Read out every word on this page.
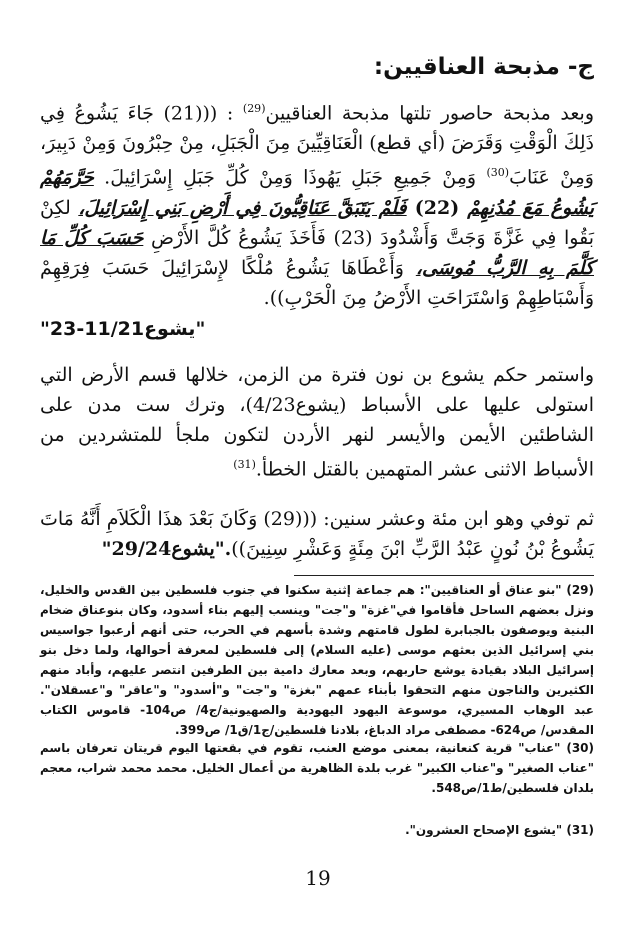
ج- مذبحة العناقيين:
وبعد مذبحة حاصور تلتها مذبحة العناقيين$^{(29)}$ : (((21) جَاءَ يَشُوعُ فِي ذَلِكَ الْوَقْتِ وَقَرَضَ (أي قطع) الْعَنَاقِيِّينَ مِنَ الْجَبَلِ، مِنْ حِبْرُونَ وَمِنْ دَبِيرَ، وَمِنْ عَنَابَ$^{(30)}$ وَمِنْ جَمِيعِ جَبَلِ يَهُوذَا وَمِنْ كُلِّ جَبَلِ إِسْرَائِيلَ. حَرَّمَهُمْ يَشُوعُ مَعَ مُدُنِهِمْ (22) فَلَمْ يَتَبَقَّ عَنَاقِيُّونَ فِي أَرْضِ بَنِي إِسْرَائِيلَ، لكِنْ بَقُوا فِي غَزَّةَ وَجَتَّ وَأَشْدُودَ (23) فَأَخَذَ يَشُوعُ كُلَّ الأَرْضِ حَسَبَ كُلِّ مَا كَلَّمَ بِهِ الرَّبُّ مُوسَى، وَأَعْطَاهَا يَشُوعُ مُلْكًا لإِسْرَائِيلَ حَسَبَ فِرَقِهِمْ وَأَسْبَاطِهِمْ وَاسْتَرَاحَتِ الأَرْضُ مِنَ الْحَرْبِ)).
"يشوع11/21-23"
واستمر حكم يشوع بن نون فترة من الزمن، خلالها قسم الأرض التي استولى عليها على الأسباط (يشوع4/23)، وترك ست مدن على الشاطئين الأيمن والأيسر لنهر الأردن لتكون ملجأ للمتشردين من الأسباط الاثنى عشر المتهمين بالقتل الخطأ.$^{(31)}$
ثم توفي وهو ابن مئة وعشر سنين: (((29) وَكَانَ بَعْدَ هذَا الْكَلاَمِ أَنَّهُ مَاتَ يَشُوعُ بْنُ نُونٍ عَبْدُ الرَّبِّ ابْنَ مِئَةٍ وَعَشْرِ سِنِينَ))."يشوع29/24"
(29) "بنو عناق أو العناقيين": هم جماعة إثنية سكنوا في جنوب فلسطين بين القدس والخليل، ونزل بعضهم الساحل فأقاموا في"غزة" و"جت" وينسب إليهم بناء أسدود، وكان بنوعناق ضخام البنية ويوصفون بالجبابرة لطول قامتهم وشدة بأسهم في الحرب، حتى أنهم أرعبوا جواسيس بني إسرائيل الذين بعثهم موسى (عليه السلام) إلى فلسطين لمعرفة أحوالها، ولما دخل بنو إسرائيل البلاد بقيادة يوشع حاربهم، وبعد معارك دامية بين الطرفين انتصر عليهم، وأباد منهم الكثيرين والناجون منهم التحقوا بأبناء عمهم "بغزة" و"جت" و"أسدود" و"عاقر" و"عسقلان". عبد الوهاب المسيري، موسوعة اليهود اليهودية والصهيونية/ج4/ ص104- قاموس الكتاب المقدس/ ص624- مصطفى مراد الدباغ، بلادنا فلسطين/ج1/ق1/ ص399.
(30) "عناب" قرية كنعانية، بمعنى موضع العنب، تقوم في بقعتها اليوم قريتان تعرفان باسم "عناب الصغير" و"عناب الكبير" غرب بلدة الظاهرية من أعمال الخليل. محمد محمد شراب، معجم بلدان فلسطين/ط1/ص548.
(31) "يشوع الإصحاح العشرون".
19
